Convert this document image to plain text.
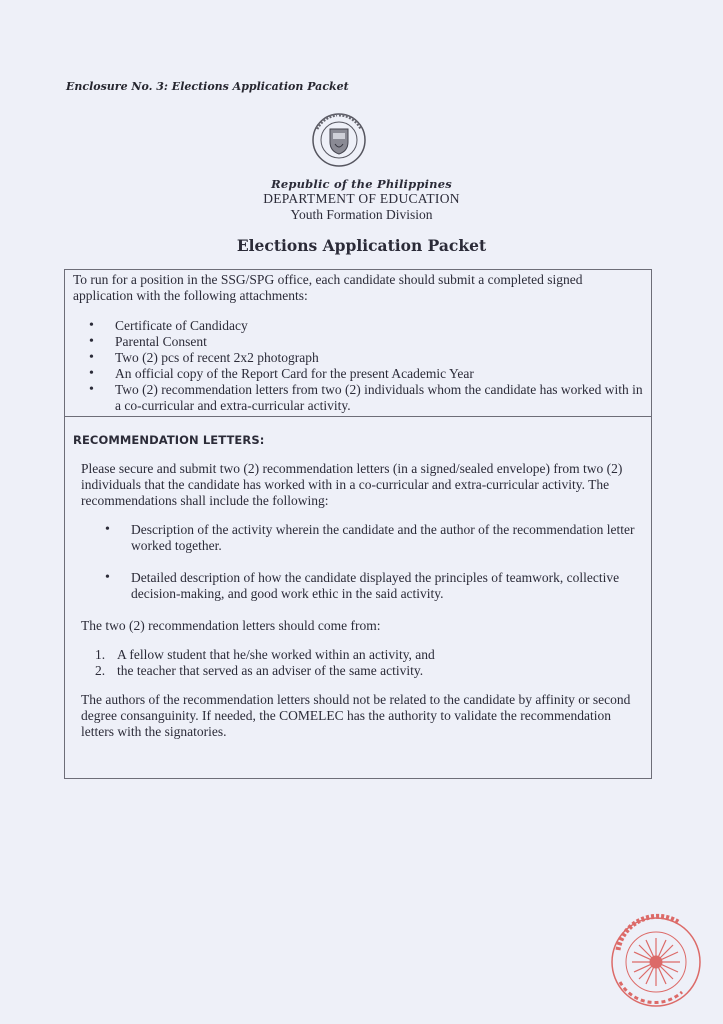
Enclosure No. 3: Elections Application Packet
Republic of the Philippines
DEPARTMENT OF EDUCATION
Youth Formation Division
Elections Application Packet

To run for a position in the SSG/SPG office, each candidate should submit a completed signed application with the following attachments:

• Certificate of Candidacy
• Parental Consent
• Two (2) pcs of recent 2x2 photograph
• An official copy of the Report Card for the present Academic Year
• Two (2) recommendation letters from two (2) individuals whom the candidate has worked with in a co-curricular and extra-curricular activity.
RECOMMENDATION LETTERS:

Please secure and submit two (2) recommendation letters (in a signed/sealed envelope) from two (2) individuals that the candidate has worked with in a co-curricular and extra-curricular activity. The recommendations shall include the following:

• Description of the activity wherein the candidate and the author of the recommendation letter worked together.
• Detailed description of how the candidate displayed the principles of teamwork, collective decision-making, and good work ethic in the said activity.

The two (2) recommendation letters should come from:

1. A fellow student that he/she worked within an activity, and
2. the teacher that served as an adviser of the same activity.

The authors of the recommendation letters should not be related to the candidate by affinity or second degree consanguinity. If needed, the COMELEC has the authority to validate the recommendation letters with the signatories.
